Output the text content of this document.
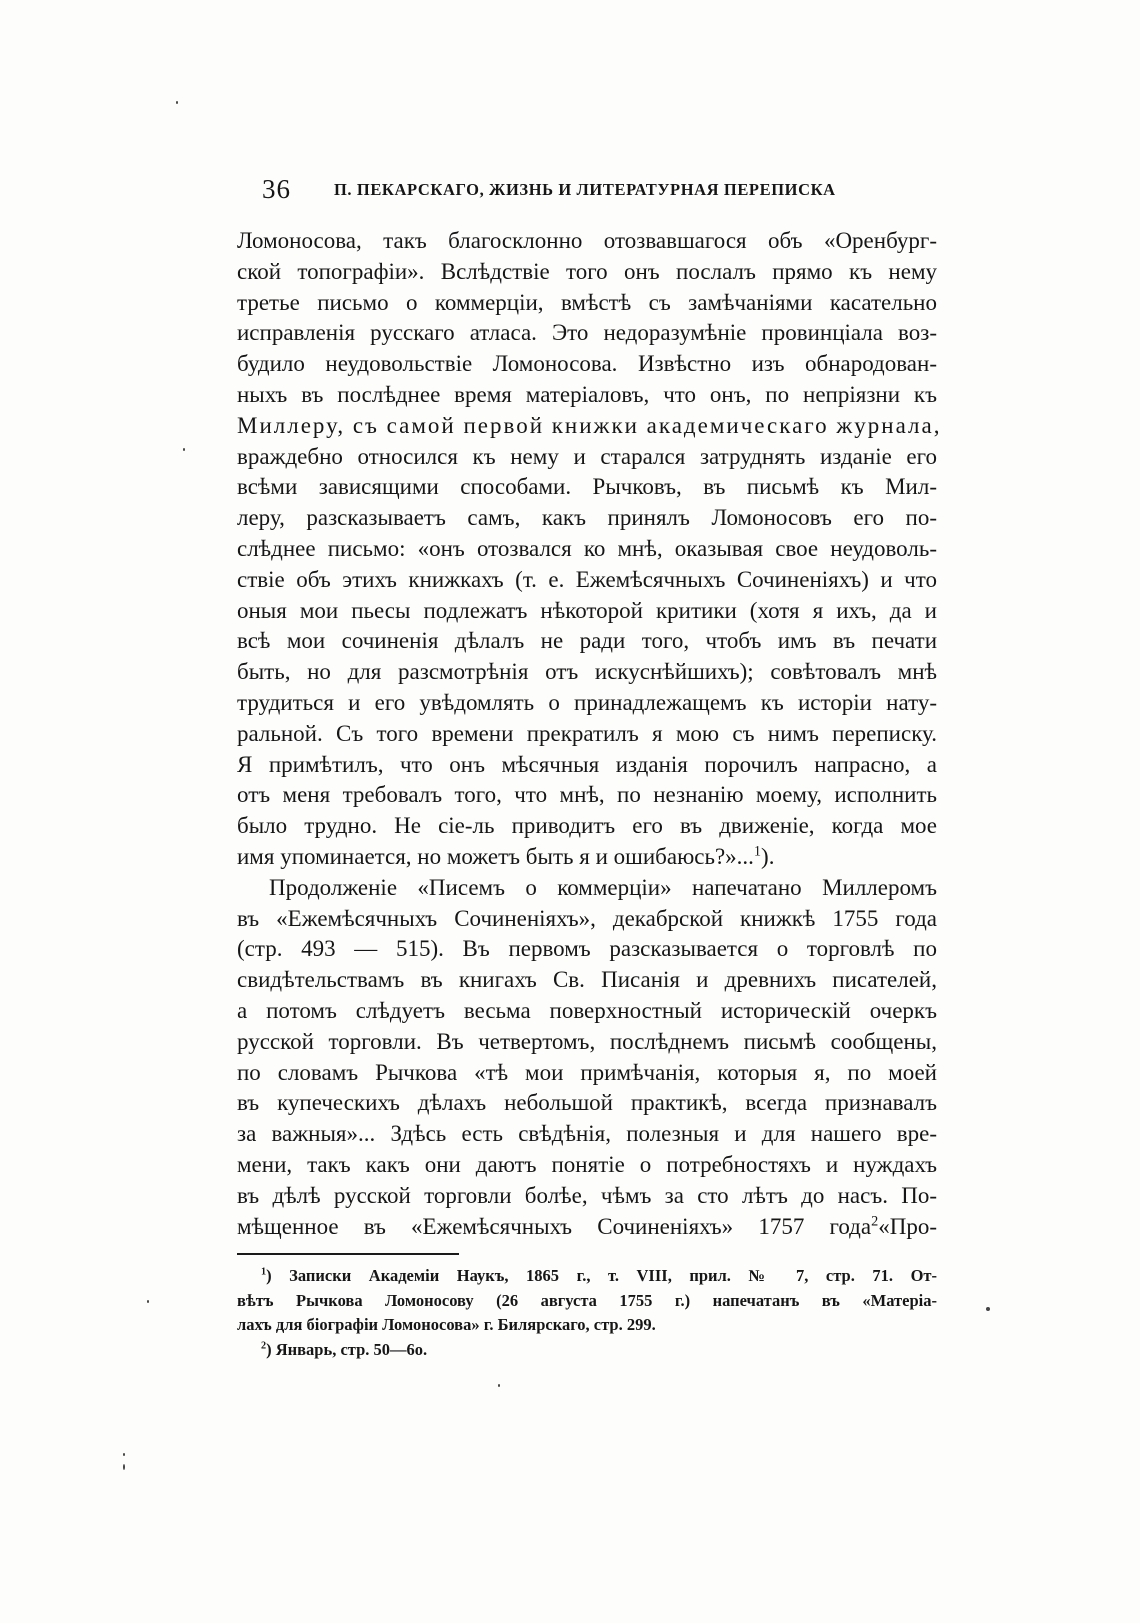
36	П. ПЕКАРСКАГО, ЖИЗНЬ И ЛИТЕРАТУРНАЯ ПЕРЕПИСКА
Ломоносова, такъ благосклонно отозвавшагося объ «Оренбург-
ской топографіи». Вслѣдствіе того онъ послалъ прямо къ нему
третье письмо о коммерціи, вмѣстѣ съ замѣчаніями касательно
исправленія русскаго атласа. Это недоразумѣніе провинціала воз-
будило неудовольствіе Ломоносова. Извѣстно изъ обнародован-
ныхъ въ послѣднее время матеріаловъ, что онъ, по непріязни къ
Миллеру, съ самой первой книжки академическаго журнала,
враждебно относился къ нему и старался затруднять изданіе его
всѣми зависящими способами. Рычковъ, въ письмѣ къ Мил-
леру, разсказываетъ самъ, какъ принялъ Ломоносовъ его по-
слѣднее письмо: «онъ отозвался ко мнѣ, оказывая свое неудоволь-
ствіе объ этихъ книжкахъ (т. е. Ежемѣсячныхъ Сочиненіяхъ) и что
оныя мои пьесы подлежатъ нѣкоторой критики (хотя я ихъ, да и
всѣ мои сочиненія дѣлалъ не ради того, чтобъ имъ въ печати
быть, но для разсмотрѣнія отъ искуснѣйшихъ); совѣтовалъ мнѣ
трудиться и его увѣдомлять о принадлежащемъ къ исторіи нату-
ральной. Съ того времени прекратилъ я мою съ нимъ переписку.
Я примѣтилъ, что онъ мѣсячныя изданія порочилъ напрасно, а
отъ меня требовалъ того, что мнѣ, по незнанію моему, исполнить
было трудно. Не сіе-ль приводитъ его въ движеніе, когда мое
имя упоминается, но можетъ быть я и ошибаюсь?»...$^1$).
Продолженіе «Писемъ о коммерціи» напечатано Миллеромъ
въ «Ежемѣсячныхъ Сочиненіяхъ», декабрской книжкѣ 1755 года
(стр. 493 — 515). Въ первомъ разсказывается о торговлѣ по
свидѣтельствамъ въ книгахъ Св. Писанія и древнихъ писателей,
а потомъ слѣдуетъ весьма поверхностный историческій очеркъ
русской торговли. Въ четвертомъ, послѣднемъ письмѣ сообщены,
по словамъ Рычкова «тѣ мои примѣчанія, которыя я, по моей
въ купеческихъ дѣлахъ небольшой практикѣ, всегда признавалъ
за важныя»... Здѣсь есть свѣдѣнія, полезныя и для нашего вре-
мени, такъ какъ они даютъ понятіе о потребностяхъ и нуждахъ
въ дѣлѣ русской торговли болѣе, чѣмъ за сто лѣтъ до насъ. По-
мѣщенное въ «Ежемѣсячныхъ Сочиненіяхъ» 1757 года$^2$«Про-
$^1$) Записки Академіи Наукъ, 1865 г., т. VIII, прил. № 7, стр. 71. От-
вѣтъ Рычкова Ломоносову (26 августа 1755 г.) напечатанъ въ «Матеріа-
лахъ для біографіи Ломоносова» г. Билярскаго, стр. 299.
$^2$) Январь, стр. 50—6о.
